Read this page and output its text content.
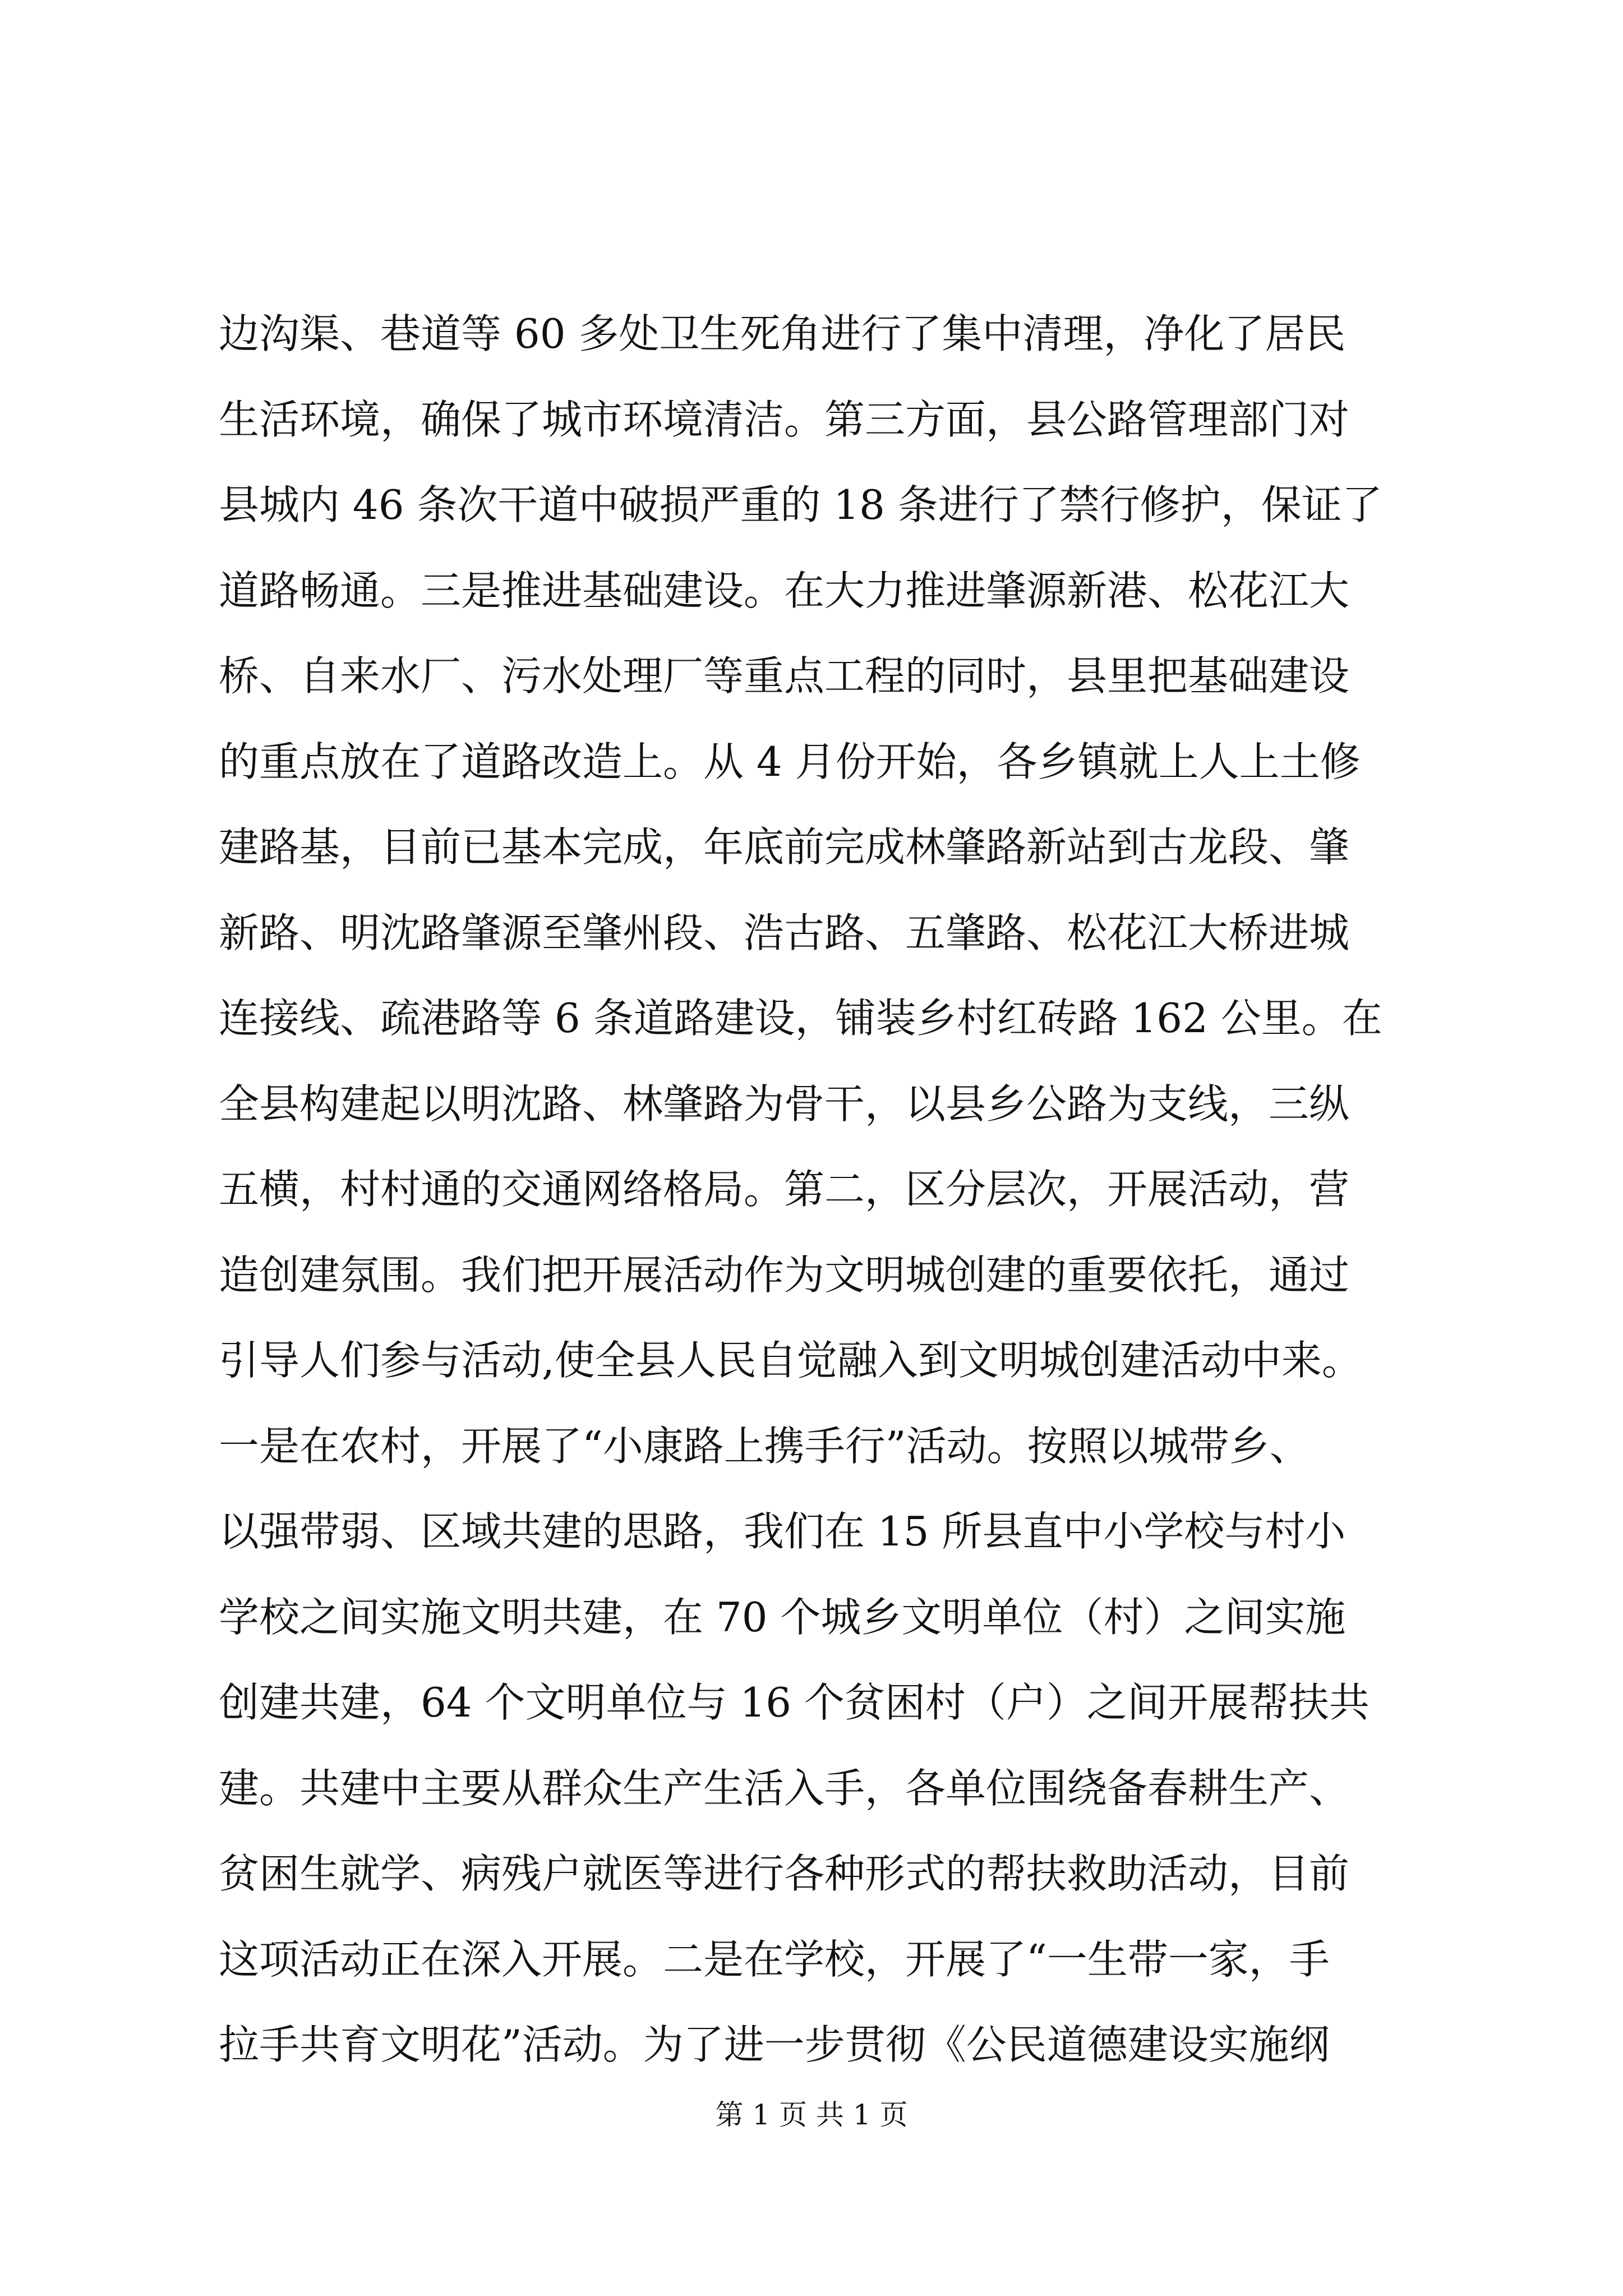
边沟渠、巷道等 60 多处卫生死角进行了集中清理，净化了居民
生活环境，确保了城市环境清洁。第三方面，县公路管理部门对
县城内 46 条次干道中破损严重的 18 条进行了禁行修护，保证了
道路畅通。三是推进基础建设。在大力推进肇源新港、松花江大
桥、自来水厂、污水处理厂等重点工程的同时，县里把基础建设
的重点放在了道路改造上。从 4 月份开始，各乡镇就上人上土修
建路基，目前已基本完成，年底前完成林肇路新站到古龙段、肇
新路、明沈路肇源至肇州段、浩古路、五肇路、松花江大桥进城
连接线、疏港路等 6 条道路建设，铺装乡村红砖路 162 公里。在
全县构建起以明沈路、林肇路为骨干，以县乡公路为支线，三纵
五横，村村通的交通网络格局。第二，区分层次，开展活动，营
造创建氛围。我们把开展活动作为文明城创建的重要依托，通过
引导人们参与活动,使全县人民自觉融入到文明城创建活动中来。
一是在农村，开展了“小康路上携手行”活动。按照以城带乡、
以强带弱、区域共建的思路，我们在 15 所县直中小学校与村小
学校之间实施文明共建，在 70 个城乡文明单位（村）之间实施
创建共建，64 个文明单位与 16 个贫困村（户）之间开展帮扶共
建。共建中主要从群众生产生活入手，各单位围绕备春耕生产、
贫困生就学、病残户就医等进行各种形式的帮扶救助活动，目前
这项活动正在深入开展。二是在学校，开展了“一生带一家，手
拉手共育文明花”活动。为了进一步贯彻《公民道德建设实施纲
第 1 页 共 1 页
